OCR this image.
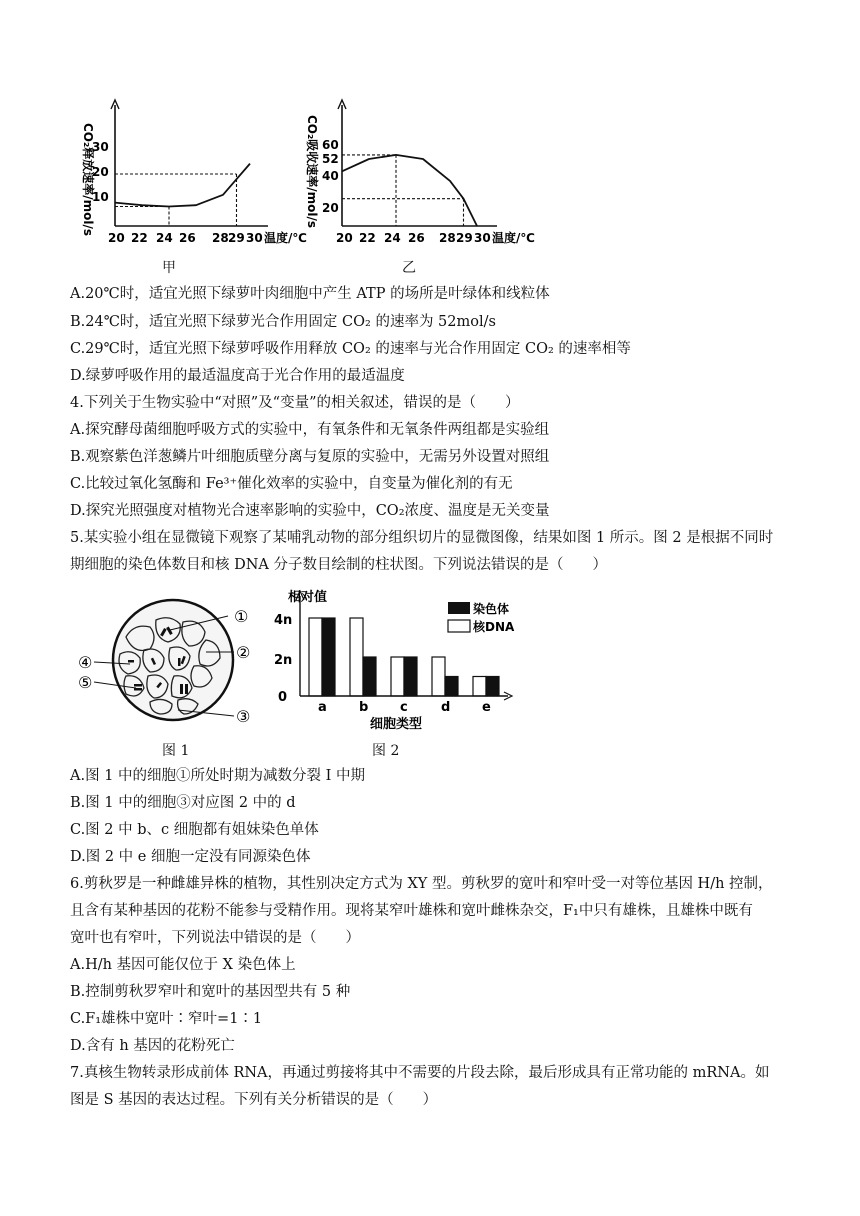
CO₂释放速率/mol/s
10
20
30
20 22 24 26 28 29 30 温度/℃
甲
CO₂吸收速率/mol/s 20
40
52
60
20 22 24 26 28 29 30 温度/℃
乙
A.20℃时，适宜光照下绿萝叶肉细胞中产生 ATP 的场所是叶绿体和线粒体
B.24℃时，适宜光照下绿萝光合作用固定 CO₂ 的速率为 52mol/s
C.29℃时，适宜光照下绿萝呼吸作用释放 CO₂ 的速率与光合作用固定 CO₂ 的速率相等
D.绿萝呼吸作用的最适温度高于光合作用的最适温度
4.下列关于生物实验中“对照”及“变量”的相关叙述，错误的是（　　）
A.探究酵母菌细胞呼吸方式的实验中，有氧条件和无氧条件两组都是实验组
B.观察紫色洋葱鳞片叶细胞质壁分离与复原的实验中，无需另外设置对照组
C.比较过氧化氢酶和 Fe³⁺催化效率的实验中，自变量为催化剂的有无
D.探究光照强度对植物光合速率影响的实验中，CO₂浓度、温度是无关变量
5.某实验小组在显微镜下观察了某哺乳动物的部分组织切片的显微图像，结果如图 1 所示。图 2 是根据不同时
期细胞的染色体数目和核 DNA 分子数目绘制的柱状图。下列说法错误的是（　　）
①
②
③
④
⑤
图 1
a b c	d e
相对值
4n
2n
0
细胞类型
染色体
核DNA
图 2
A.图 1 中的细胞①所处时期为减数分裂 I 中期
B.图 1 中的细胞③对应图 2 中的 d
C.图 2 中 b、c 细胞都有姐妹染色单体
D.图 2 中 e 细胞一定没有同源染色体
6.剪秋罗是一种雌雄异株的植物，其性别决定方式为 XY 型。剪秋罗的宽叶和窄叶受一对等位基因 H/h 控制，
且含有某种基因的花粉不能参与受精作用。现将某窄叶雄株和宽叶雌株杂交，F₁中只有雄株，且雄株中既有
宽叶也有窄叶，下列说法中错误的是（　　）
A.H/h 基因可能仅位于 X 染色体上
B.控制剪秋罗窄叶和宽叶的基因型共有 5 种
C.F₁雄株中宽叶∶窄叶=1∶1
D.含有 h 基因的花粉死亡
7.真核生物转录形成前体 RNA，再通过剪接将其中不需要的片段去除，最后形成具有正常功能的 mRNA。如
图是 S 基因的表达过程。下列有关分析错误的是（　　）
